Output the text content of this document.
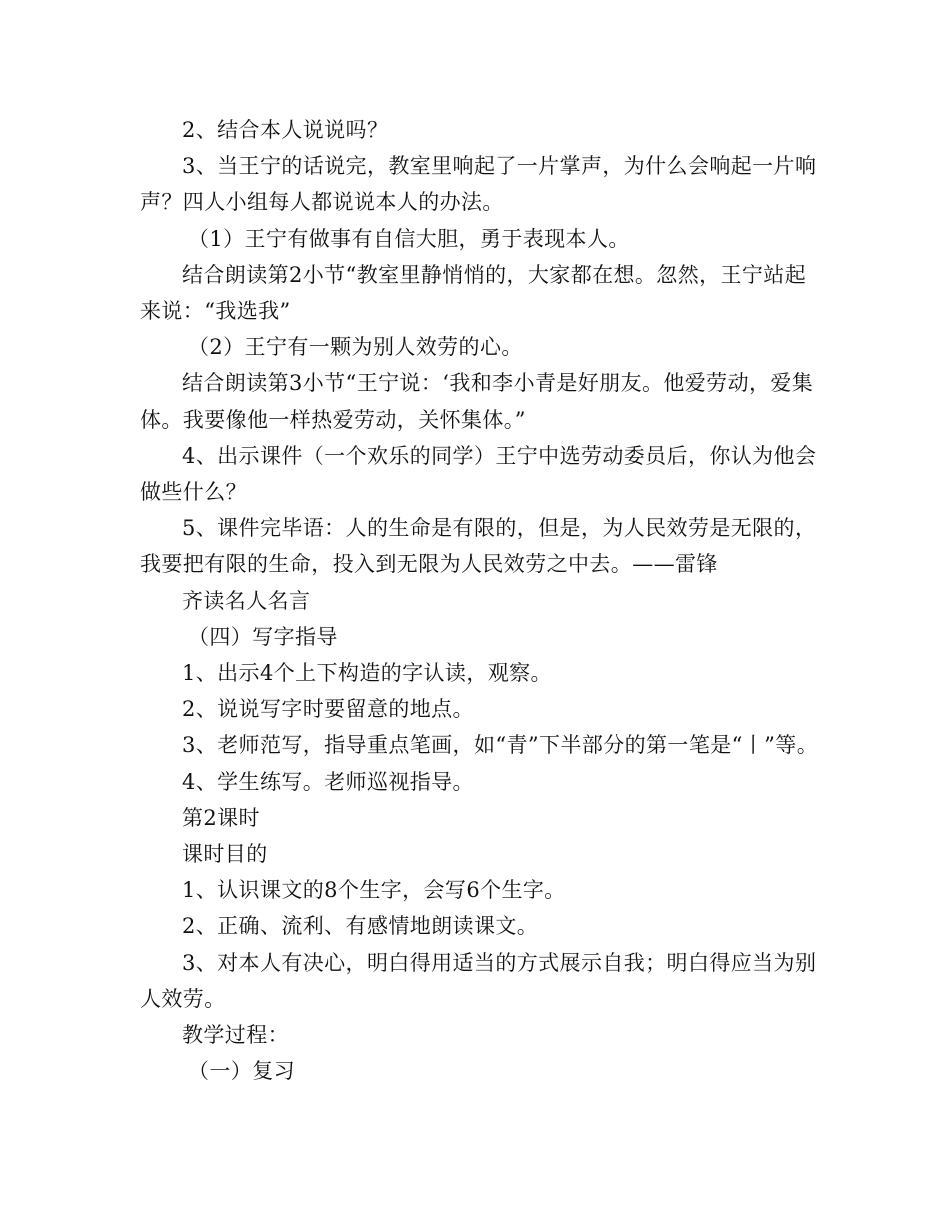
2、结合本人说说吗？

3、当王宁的话说完，教室里响起了一片掌声，为什么会响起一片响声？四人小组每人都说说本人的办法。

（1）王宁有做事有自信大胆，勇于表现本人。

结合朗读第2小节“教室里静悄悄的，大家都在想。忽然，王宁站起来说：“我选我”

（2）王宁有一颗为别人效劳的心。

结合朗读第3小节“王宁说：‘我和李小青是好朋友。他爱劳动，爱集体。我要像他一样热爱劳动，关怀集体。”

4、出示课件（一个欢乐的同学）王宁中选劳动委员后，你认为他会做些什么？

5、课件完毕语：人的生命是有限的，但是，为人民效劳是无限的，我要把有限的生命，投入到无限为人民效劳之中去。——雷锋

齐读名人名言

（四）写字指导

1、出示4个上下构造的字认读，观察。

2、说说写字时要留意的地点。

3、老师范写，指导重点笔画，如“青”下半部分的第一笔是“丨”等。

4、学生练写。老师巡视指导。

第2课时

课时目的

1、认识课文的8个生字，会写6个生字。

2、正确、流利、有感情地朗读课文。

3、对本人有决心，明白得用适当的方式展示自我；明白得应当为别人效劳。

教学过程：

（一）复习
